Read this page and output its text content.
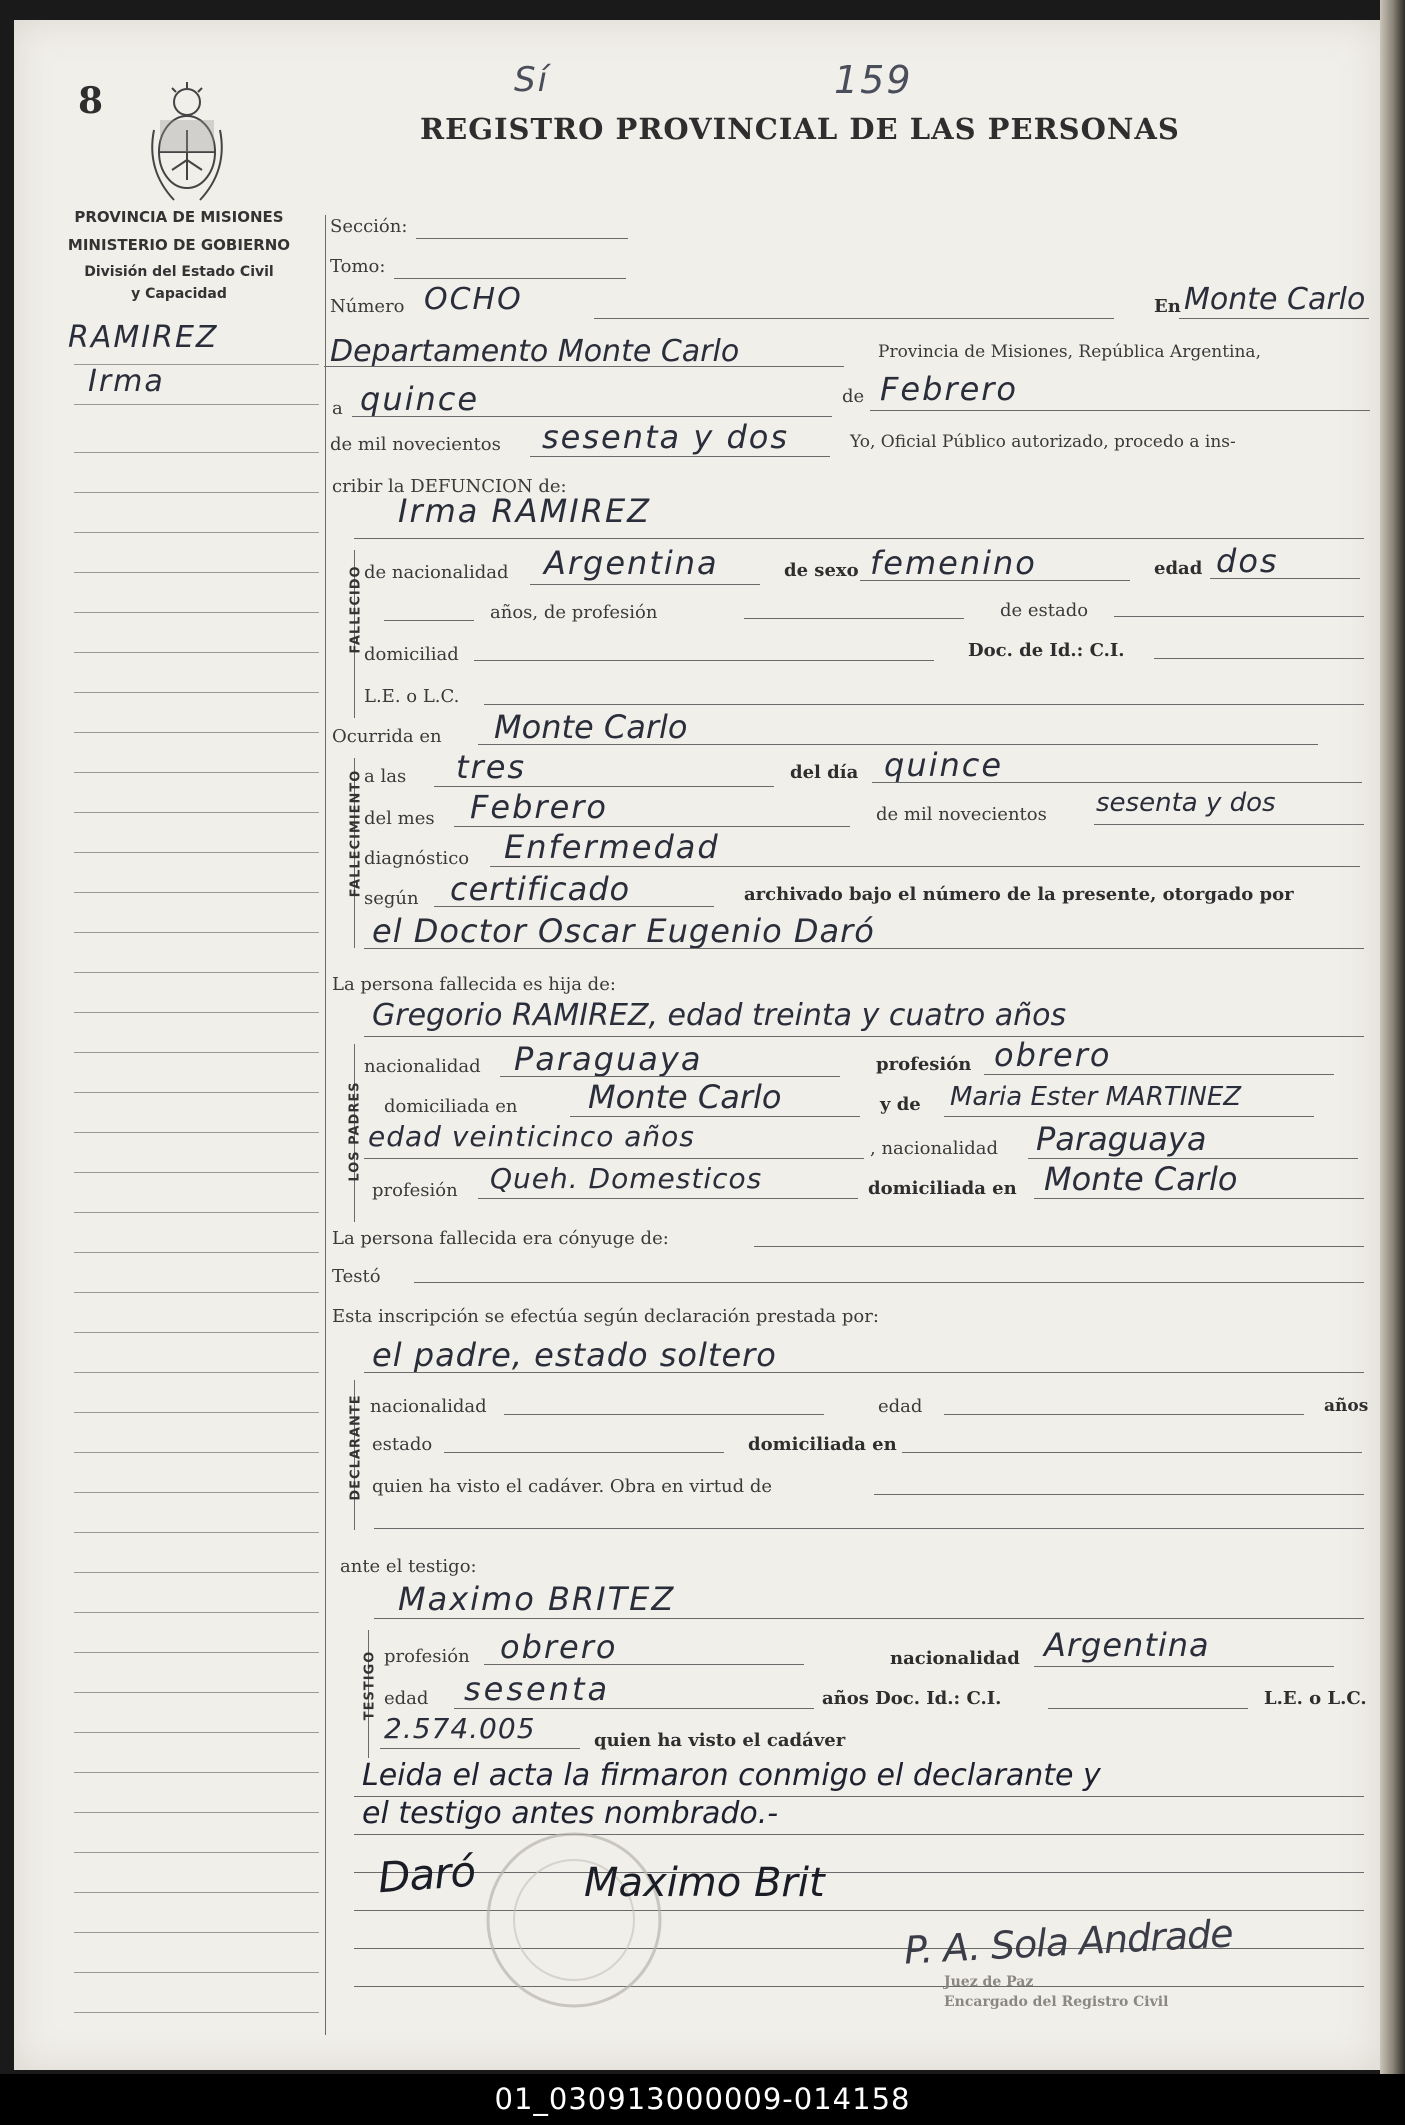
8	Sí	159
REGISTRO PROVINCIAL DE LAS PERSONAS
PROVINCIA DE MISIONES
MINISTERIO DE GOBIERNO
División del Estado Civil
y Capacidad
RAMIREZ
Irma
Sección:
Tomo:
Número OCHO	En Monte Carlo
Departamento Monte Carlo	Provincia de Misiones, República Argentina,
a quince	de Febrero
de mil novecientos sesenta y dos	Yo, Oficial Público autorizado, procedo a ins-
cribir la DEFUNCION de:
Irma RAMIREZ
FALLECIDO de nacionalidad Argentina	de sexo femenino	edad dos
años, de profesión	de estado
domiciliad	Doc. de Id.: C.I.
L.E. o L.C.
Ocurrida en Monte Carlo
FALLECIMIENTO a las tres	del día quince
del mes Febrero	de mil novecientos sesenta y dos
diagnóstico Enfermedad
según certificado	archivado bajo el número de la presente, otorgado por
el Doctor Oscar Eugenio Daró
La persona fallecida es hija de:
Gregorio RAMIREZ, edad treinta y cuatro años
LOS PADRES
nacionalidad Paraguaya	profesión obrero
domiciliada en Monte Carlo	y de Maria Ester MARTINEZ
edad veinticinco años	, nacionalidad Paraguaya
profesión Queh. Domesticos	domiciliada en Monte Carlo
La persona fallecida era cónyuge de:
Testó
Esta inscripción se efectúa según declaración prestada por:
el padre, estado soltero
DECLARANTE nacionalidad	edad	años
estado	domiciliada en
quien ha visto el cadáver. Obra en virtud de
ante el testigo:
Maximo BRITEZ
TESTIGO profesión obrero	nacionalidad Argentina
edad sesenta	años Doc. Id.: C.I.	L.E. o L.C.
2.574.005	quien ha visto el cadáver
Leida el acta la firmaron conmigo el declarante y
el testigo antes nombrado.-
Daró	Maximo Brit
P. A. Sola Andrade
Juez de Paz
Encargado del Registro Civil
01_030913000009-014158
